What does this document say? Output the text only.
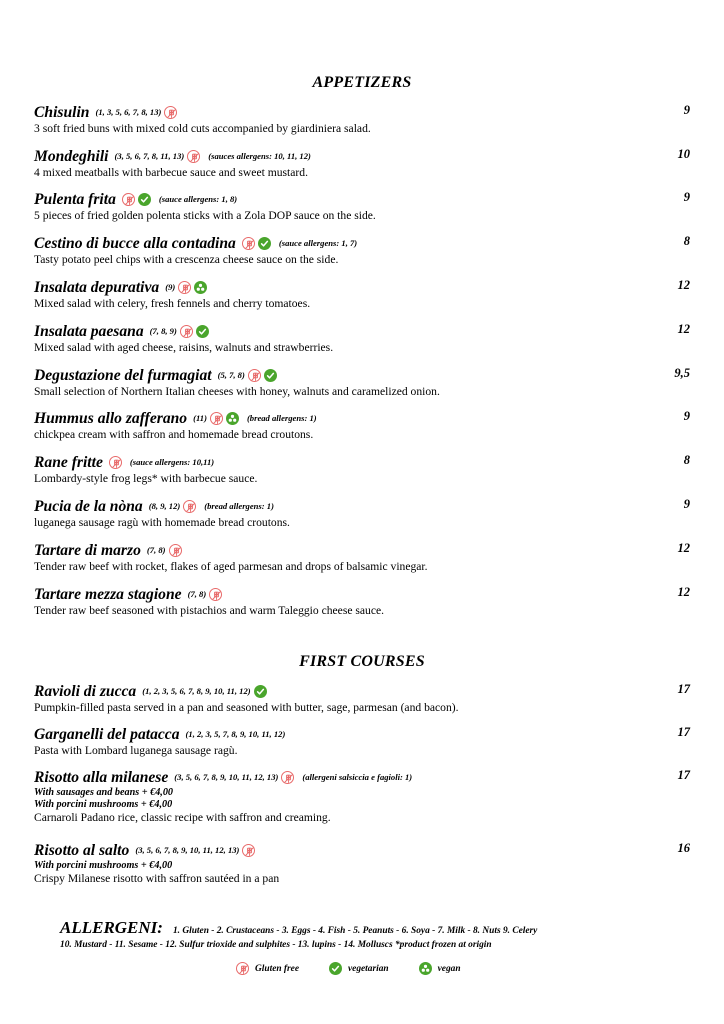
APPETIZERS
Chisulin (1, 3, 5, 6, 7, 8, 13)
3 soft fried buns with mixed cold cuts accompanied by giardiniera salad.
9
Mondeghili (3, 5, 6, 7, 8, 11, 13)	(sauces allergens: 10, 11, 12)
4 mixed meatballs with barbecue sauce and sweet mustard.
10
Pulenta frita	(sauce allergens: 1, 8)
5 pieces of fried golden polenta sticks with a Zola DOP sauce on the side.
9
Cestino di bucce alla contadina	(sauce allergens: 1, 7)
Tasty potato peel chips with a crescenza cheese sauce on the side.
8
Insalata depurativa (9)
Mixed salad with celery, fresh fennels and cherry tomatoes.
12
Insalata paesana (7, 8, 9)
Mixed salad with aged cheese, raisins, walnuts and strawberries.
12
Degustazione del furmagiat (5, 7, 8)
Small selection of Northern Italian cheeses with honey, walnuts and caramelized onion.
9,5
Hummus allo zafferano (11)	(bread allergens: 1)
chickpea cream with saffron and homemade bread croutons.
9
Rane fritte	(sauce allergens: 10,11)
Lombardy-style frog legs* with barbecue sauce.
8
Pucia de la nòna (8, 9, 12)	(bread allergens: 1)
luganega sausage ragù with homemade bread croutons.
9
Tartare di marzo (7, 8)
Tender raw beef with rocket, flakes of aged parmesan and drops of balsamic vinegar.
12
Tartare mezza stagione (7, 8)
Tender raw beef seasoned with pistachios and warm Taleggio cheese sauce.
12
FIRST COURSES
Ravioli di zucca (1, 2, 3, 5, 6, 7, 8, 9, 10, 11, 12)
Pumpkin-filled pasta served in a pan and seasoned with butter, sage, parmesan (and bacon).
17
Garganelli del patacca (1, 2, 3, 5, 7, 8, 9, 10, 11, 12)
Pasta with Lombard luganega sausage ragù.
17
Risotto alla milanese (3, 5, 6, 7, 8, 9, 10, 11, 12, 13)	(allergeni salsiccia e fagioli: 1)
With sausages and beans + €4,00
With porcini mushrooms + €4,00
Carnaroli Padano rice, classic recipe with saffron and creaming.
17
Risotto al salto (3, 5, 6, 7, 8, 9, 10, 11, 12, 13)
With porcini mushrooms + €4,00
Crispy Milanese risotto with saffron sautéed in a pan
16
ALLERGENI: 1. Gluten - 2. Crustaceans - 3. Eggs - 4. Fish - 5. Peanuts - 6. Soya - 7. Milk - 8. Nuts 9. Celery
10. Mustard - 11. Sesame - 12. Sulfur trioxide and sulphites - 13. lupins - 14. Molluscs *product frozen at origin
Gluten free	vegetarian	vegan
